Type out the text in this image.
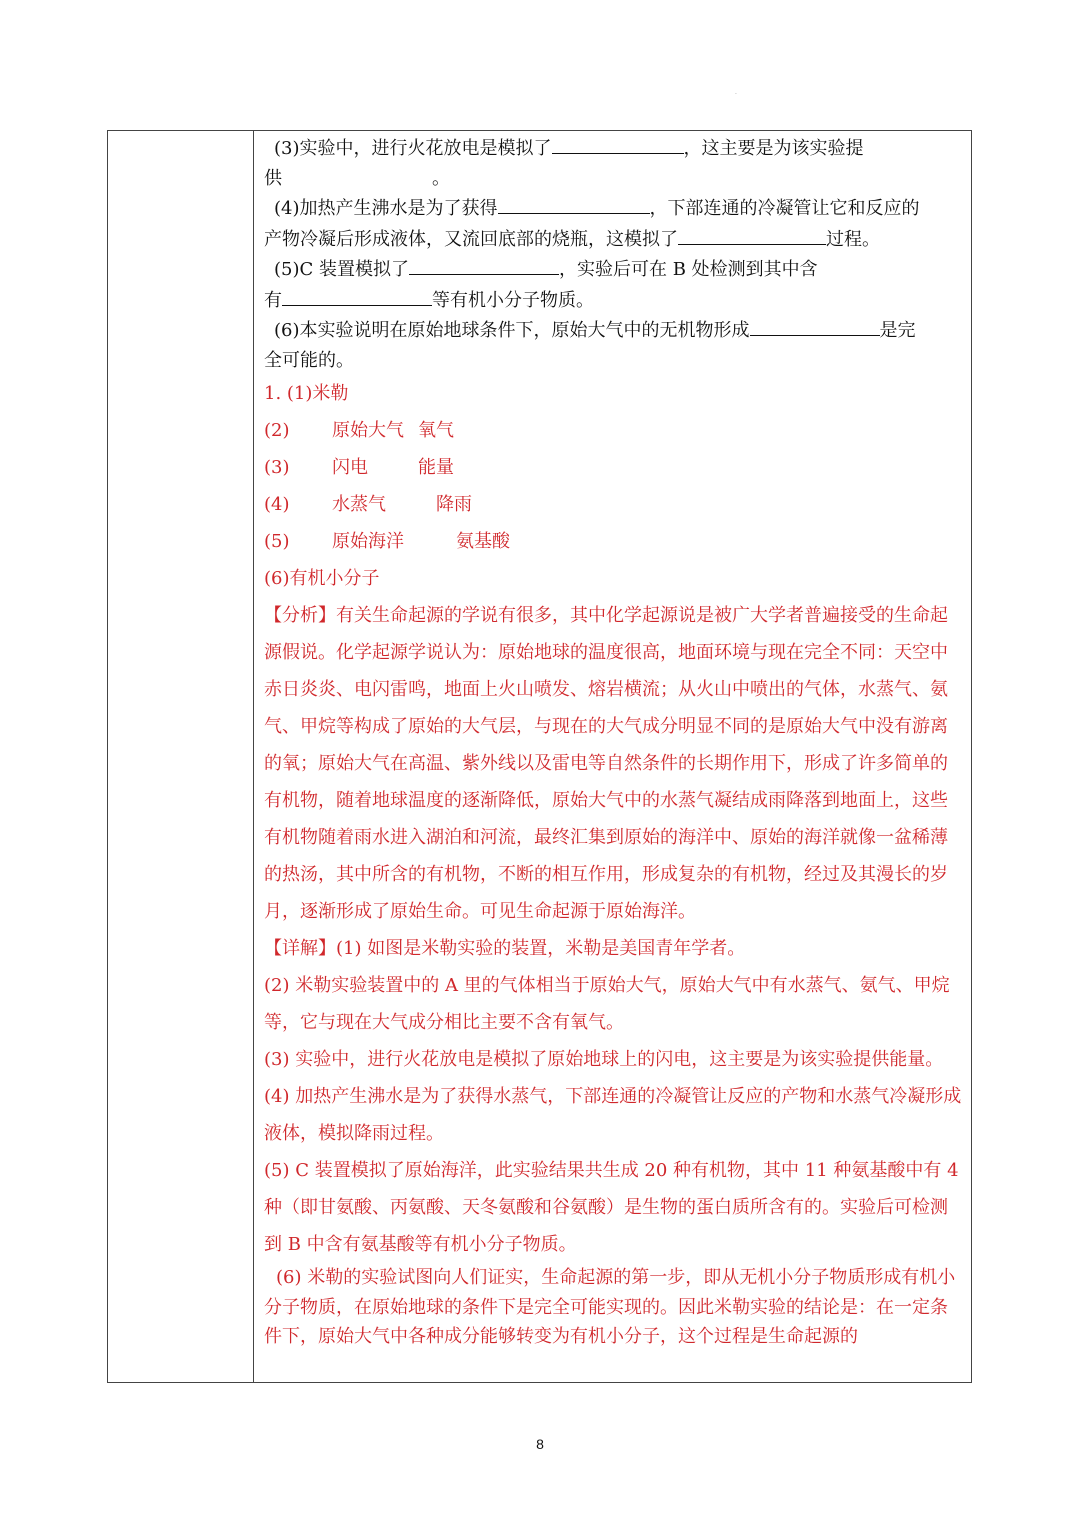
·

(3)实验中，进行火花放电是模拟了	，这主要是为该实验提

供	。

(4)加热产生沸水是为了获得	，下部连通的冷凝管让它和反应的

产物冷凝后形成液体，又流回底部的烧瓶，这模拟了	过程。

(5)C 装置模拟了	，实验后可在 B 处检测到其中含

有	等有机小分子物质。

(6)本实验说明在原始地球条件下，原始大气中的无机物形成	是完

全可能的。

1. (1)米勒

(2)	原始大气 氧气
(3)	闪电	能量
(4)	水蒸气	降雨
(5)	原始海洋	氨基酸

(6)有机小分子

【分析】有关生命起源的学说有很多，其中化学起源说是被广大学者普遍接受的生命起源假说。化学起源学说认为：原始地球的温度很高，地面环境与现在完全不同：天空中赤日炎炎、电闪雷鸣，地面上火山喷发、熔岩横流；从火山中喷出的气体，水蒸气、氨气、甲烷等构成了原始的大气层，与现在的大气成分明显不同的是原始大气中没有游离的氧；原始大气在高温、紫外线以及雷电等自然条件的长期作用下，形成了许多简单的有机物，随着地球温度的逐渐降低，原始大气中的水蒸气凝结成雨降落到地面上，这些有机物随着雨水进入湖泊和河流，最终汇集到原始的海洋中、原始的海洋就像一盆稀薄的热汤，其中所含的有机物，不断的相互作用，形成复杂的有机物，经过及其漫长的岁月，逐渐形成了原始生命。可见生命起源于原始海洋。

【详解】(1) 如图是米勒实验的装置，米勒是美国青年学者。

(2) 米勒实验装置中的 A 里的气体相当于原始大气，原始大气中有水蒸气、氨气、甲烷等，它与现在大气成分相比主要不含有氧气。

(3) 实验中，进行火花放电是模拟了原始地球上的闪电，这主要是为该实验提供能量。

(4) 加热产生沸水是为了获得水蒸气，下部连通的冷凝管让反应的产物和水蒸气冷凝形成液体，模拟降雨过程。

(5) C 装置模拟了原始海洋，此实验结果共生成 20 种有机物，其中 11 种氨基酸中有 4 种（即甘氨酸、丙氨酸、天冬氨酸和谷氨酸）是生物的蛋白质所含有的。实验后可检测到 B 中含有氨基酸等有机小分子物质。

(6) 米勒的实验试图向人们证实，生命起源的第一步，即从无机小分子物质形成有机小分子物质，在原始地球的条件下是完全可能实现的。因此米勒实验的结论是：在一定条件下，原始大气中各种成分能够转变为有机小分子，这个过程是生命起源的

8
